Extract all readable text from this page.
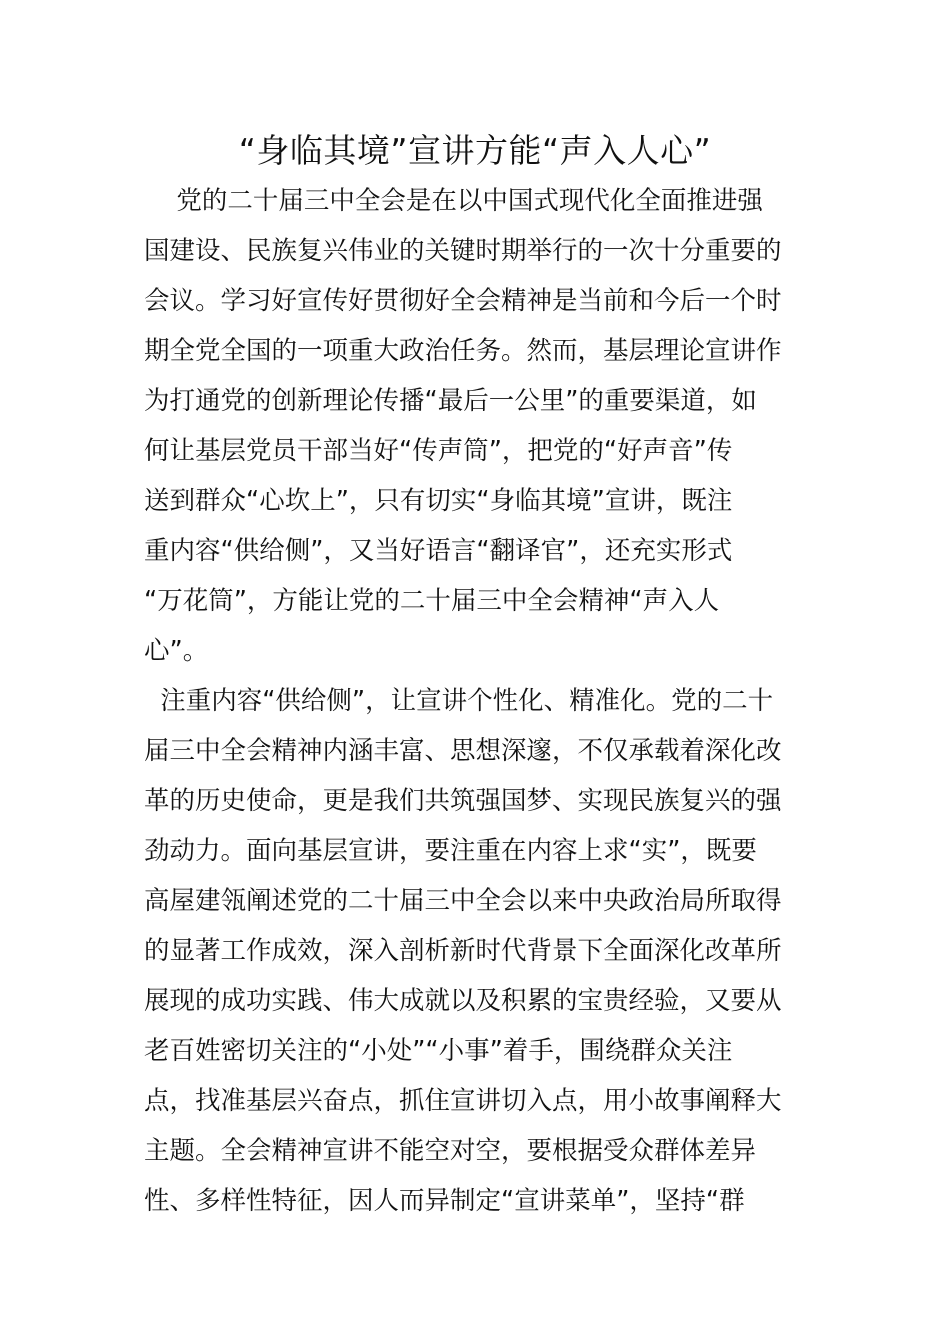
“身临其境”宣讲方能“声入人心”
党的二十届三中全会是在以中国式现代化全面推进强
国建设、民族复兴伟业的关键时期举行的一次十分重要的
会议。学习好宣传好贯彻好全会精神是当前和今后一个时
期全党全国的一项重大政治任务。然而，基层理论宣讲作
为打通党的创新理论传播“最后一公里”的重要渠道，如
何让基层党员干部当好“传声筒”，把党的“好声音”传
送到群众“心坎上”，只有切实“身临其境”宣讲，既注
重内容“供给侧”，又当好语言“翻译官”，还充实形式
“万花筒”，方能让党的二十届三中全会精神“声入人
心”。
注重内容“供给侧”，让宣讲个性化、精准化。党的二十
届三中全会精神内涵丰富、思想深邃，不仅承载着深化改
革的历史使命，更是我们共筑强国梦、实现民族复兴的强
劲动力。面向基层宣讲，要注重在内容上求“实”，既要
高屋建瓴阐述党的二十届三中全会以来中央政治局所取得
的显著工作成效，深入剖析新时代背景下全面深化改革所
展现的成功实践、伟大成就以及积累的宝贵经验，又要从
老百姓密切关注的“小处”“小事”着手，围绕群众关注
点，找准基层兴奋点，抓住宣讲切入点，用小故事阐释大
主题。全会精神宣讲不能空对空，要根据受众群体差异
性、多样性特征，因人而异制定“宣讲菜单”，坚持“群
